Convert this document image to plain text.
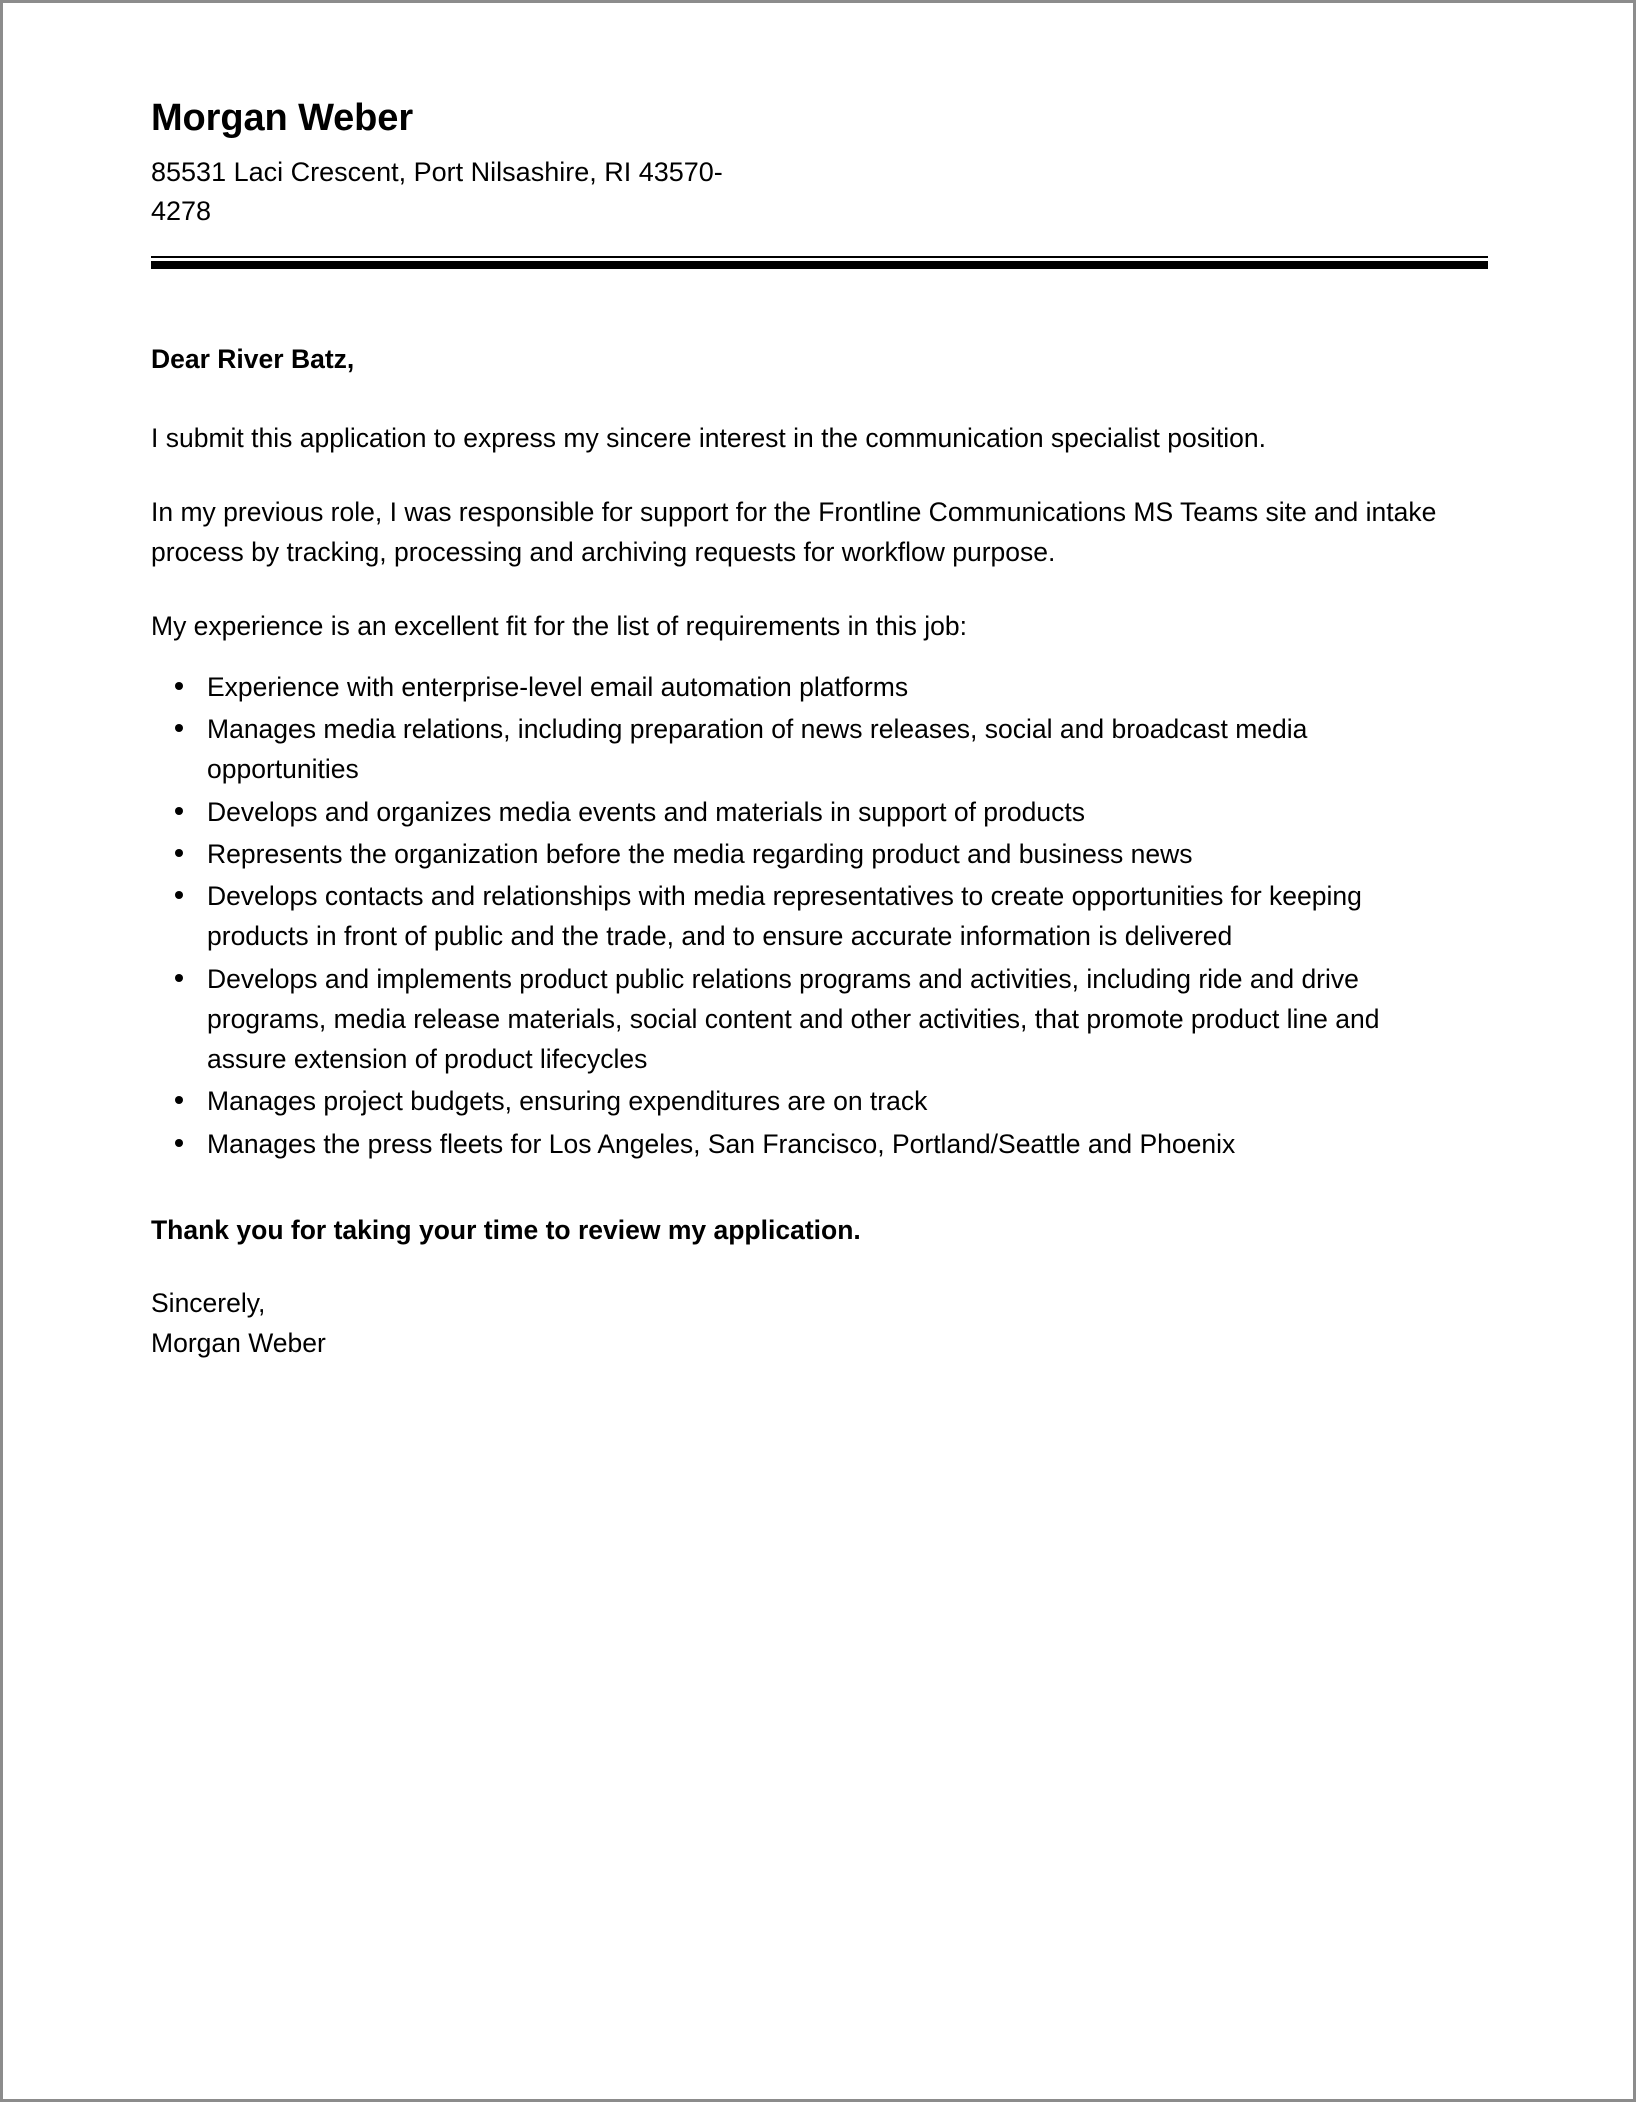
Morgan Weber

85531 Laci Crescent, Port Nilsashire, RI 43570-4278

Dear River Batz,

I submit this application to express my sincere interest in the communication specialist position.

In my previous role, I was responsible for support for the Frontline Communications MS Teams site and intake process by tracking, processing and archiving requests for workflow purpose.

My experience is an excellent fit for the list of requirements in this job:

Experience with enterprise-level email automation platforms
Manages media relations, including preparation of news releases, social and broadcast media opportunities
Develops and organizes media events and materials in support of products
Represents the organization before the media regarding product and business news
Develops contacts and relationships with media representatives to create opportunities for keeping products in front of public and the trade, and to ensure accurate information is delivered
Develops and implements product public relations programs and activities, including ride and drive programs, media release materials, social content and other activities, that promote product line and assure extension of product lifecycles
Manages project budgets, ensuring expenditures are on track
Manages the press fleets for Los Angeles, San Francisco, Portland/Seattle and Phoenix

Thank you for taking your time to review my application.

Sincerely,
Morgan Weber
